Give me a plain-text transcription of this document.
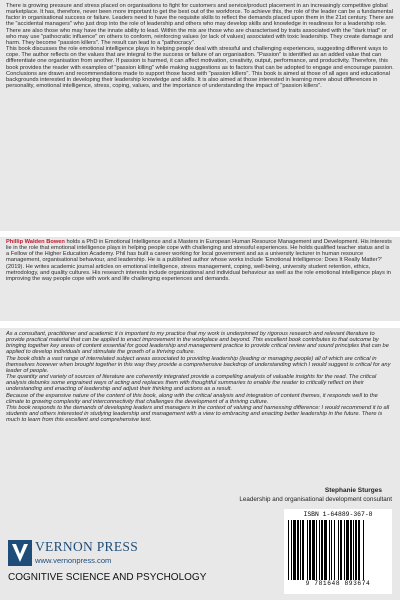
There is growing pressure and stress placed on organisations to fight for customers and service/product placement in an increasingly competitive global marketplace. It has, therefore, never been more important to get the best out of the workforce. To achieve this, the role of the leader can be a fundamental factor in organisational success or failure. Leaders need to have the requisite skills to reflect the demands placed upon them in the 21st century. There are the "accidental managers" who just drop into the role of leadership and others who may develop skills and knowledge in readiness for a leadership role. There are also those who may have the innate ability to lead. Within the mix are those who are characterised by traits associated with the "dark triad" or who may use "pathocratic influence" on others to conform, reinforcing values (or lack of values) associated with toxic leadership. They create damage and harm. They become "passion killers". The result can lead to a "pathocracy".

This book discusses the role emotional intelligence plays in helping people deal with stressful and challenging experiences, suggesting different ways to cope. The author reflects on the values that are integral to the success or failure of an organisation. "Passion" is identified as an added value that can differentiate one organisation from another. If passion is harmed, it can affect motivation, creativity, output, performance, and productivity. Therefore, this book provides the reader with examples of "passion killing" while making suggestions as to factors that can be adopted to engage and encourage passion. Conclusions are drawn and recommendations made to support those faced with "passion killers". This book is aimed at those of all ages and educational backgrounds interested in developing their leadership knowledge and skills. It is also aimed at those interested in learning more about differences in personality, emotional intelligence, stress, coping, values, and the importance of understanding the impact of "passion killers".

Phillip Walden Bowen holds a PhD in Emotional Intelligence and a Masters in European Human Resource Management and Development. His interests lie in the role that emotional intelligence plays in helping people cope with challenging and stressful experiences. He holds qualified teacher status and is a Fellow of the Higher Education Academy. Phil has built a career working for local government and as a university lecturer in human resource management, organisational behaviour, and leadership. He is a published author whose works include 'Emotional Intelligence: Does It Really Matter?' (2019). He writes academic journal articles on emotional intelligence, stress management, coping, well-being, university student retention, ethics, metrodology, and quality cultures. His research interests include organizational and individual behaviour as well as the role emotional intelligence plays in improving the way people cope with work and life challenging experiences and demands.

As a consultant, practitioner and academic it is important to my practice that my work is underpinned by rigorous research and relevant literature to provide practical material that can be applied to enact improvement in the workplace and beyond. This excellent book contributes to that outcome by bringing together key areas of content essential for good leadership and management practice to provide critical review and sound principles that can be applied to develop individuals and stimulate the growth of a thriving culture.

The book distils a vast range of interrelated subject areas associated to providing leadership (leading or managing people) all of which are critical in themselves however when brought together in this way they provide a comprehensive backdrop of understanding which I would suggest is critical for any leader of people.

The quantity and variety of sources of literature are coherently integrated provide a compelling analysis of valuable insights for the read. The critical analysis debunks some engrained ways of acting and replaces them with thoughtful summaries to enable the reader to critically reflect on their understanding and enacting of leadership and adjust their thinking and actions as a result.

Because of the expansive nature of the content of this book, along with the critical analysis and integration of content themes, it responds well to the climate to growing complexity and interconnectivity that challenges the development of a thriving culture.

This book responds to the demands of developing leaders and managers in the context of valuing and harnessing difference: I would recommend it to all students and others interested in studying leadership and management with a view to embracing and enacting better leadership in the future. There is much to learn from this excellent and comprehensive text.

Stephanie Sturges
Leadership and organisational development consultant
ISBN 1-64889-367-8
9 781648 893674
VERNON PRESS
www.vernonpress.com
COGNITIVE SCIENCE AND PSYCHOLOGY
